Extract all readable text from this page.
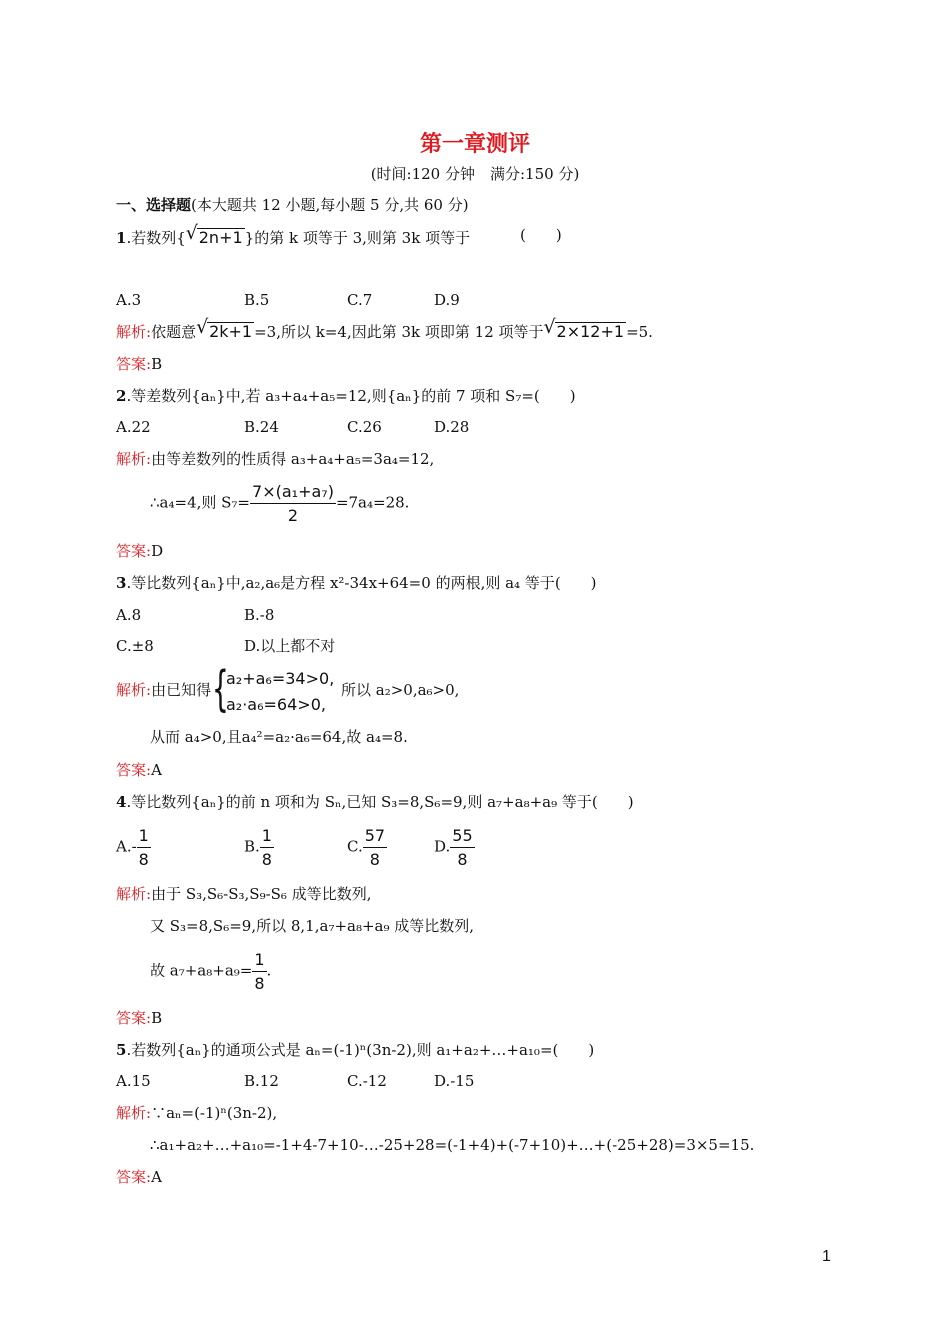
第一章测评
(时间:120 分钟　满分:150 分)
一、选择题(本大题共 12 小题,每小题 5 分,共 60 分)
1.若数列{ √ 2n+1 }的第 k 项等于 3,则第 3k 项等于	(　　)
A.3	B.5	C.7	D.9
解析:依题意 √ 2k+1 =3,所以 k=4,因此第 3k 项即第 12 项等于 √ 2×12+1 =5.
答案:B
2.等差数列{aₙ}中,若 a₃+a₄+a₅=12,则{aₙ}的前 7 项和 S₇=(　　)
A.22	B.24	C.26	D.28
解析:由等差数列的性质得 a₃+a₄+a₅=3a₄=12,
∴a₄=4,则 $S_7= \frac{\text{7×(a₁+a₇)}}{2} =7a_4=28$.
答案:D
3.等比数列{aₙ}中,a₂,a₆是方程 x²-34x+64=0 的两根,则 a₄ 等于(　　)
A.8	B.-8
C.±8	D.以上都不对
解析:由已知得 {
a₂+a₆=34>0,
a₂·a₆=64>0,
所以 a₂>0,a₆>0,
从而 a₄>0,且a₄²=a₂·a₆=64,故 a₄=8.
答案:A
4.等比数列{aₙ}的前 n 项和为 Sₙ,已知 S₃=8,S₆=9,则 a₇+a₈+a₉ 等于(　　)
$A.- \frac{1}{8}$	B. $\frac{1}{8}$	C. $\frac{57}{8}$	D. $\frac{55}{8}$
解析:由于 S₃,S₆-S₃,S₉-S₆ 成等比数列,
又 S₃=8,S₆=9,所以 8,1,a₇+a₈+a₉ 成等比数列,
故 $a_7+a_8+a_9= \frac{1}{8}$ .
答案:B
5.若数列{aₙ}的通项公式是 aₙ=(-1)ⁿ(3n-2),则 a₁+a₂+…+a₁₀=(　　)
A.15	B.12	C.-12	D.-15
解析:∵aₙ=(-1)ⁿ(3n-2),
∴a₁+a₂+…+a₁₀=-1+4-7+10-…-25+28=(-1+4)+(-7+10)+…+(-25+28)=3×5=15.
答案:A
1
